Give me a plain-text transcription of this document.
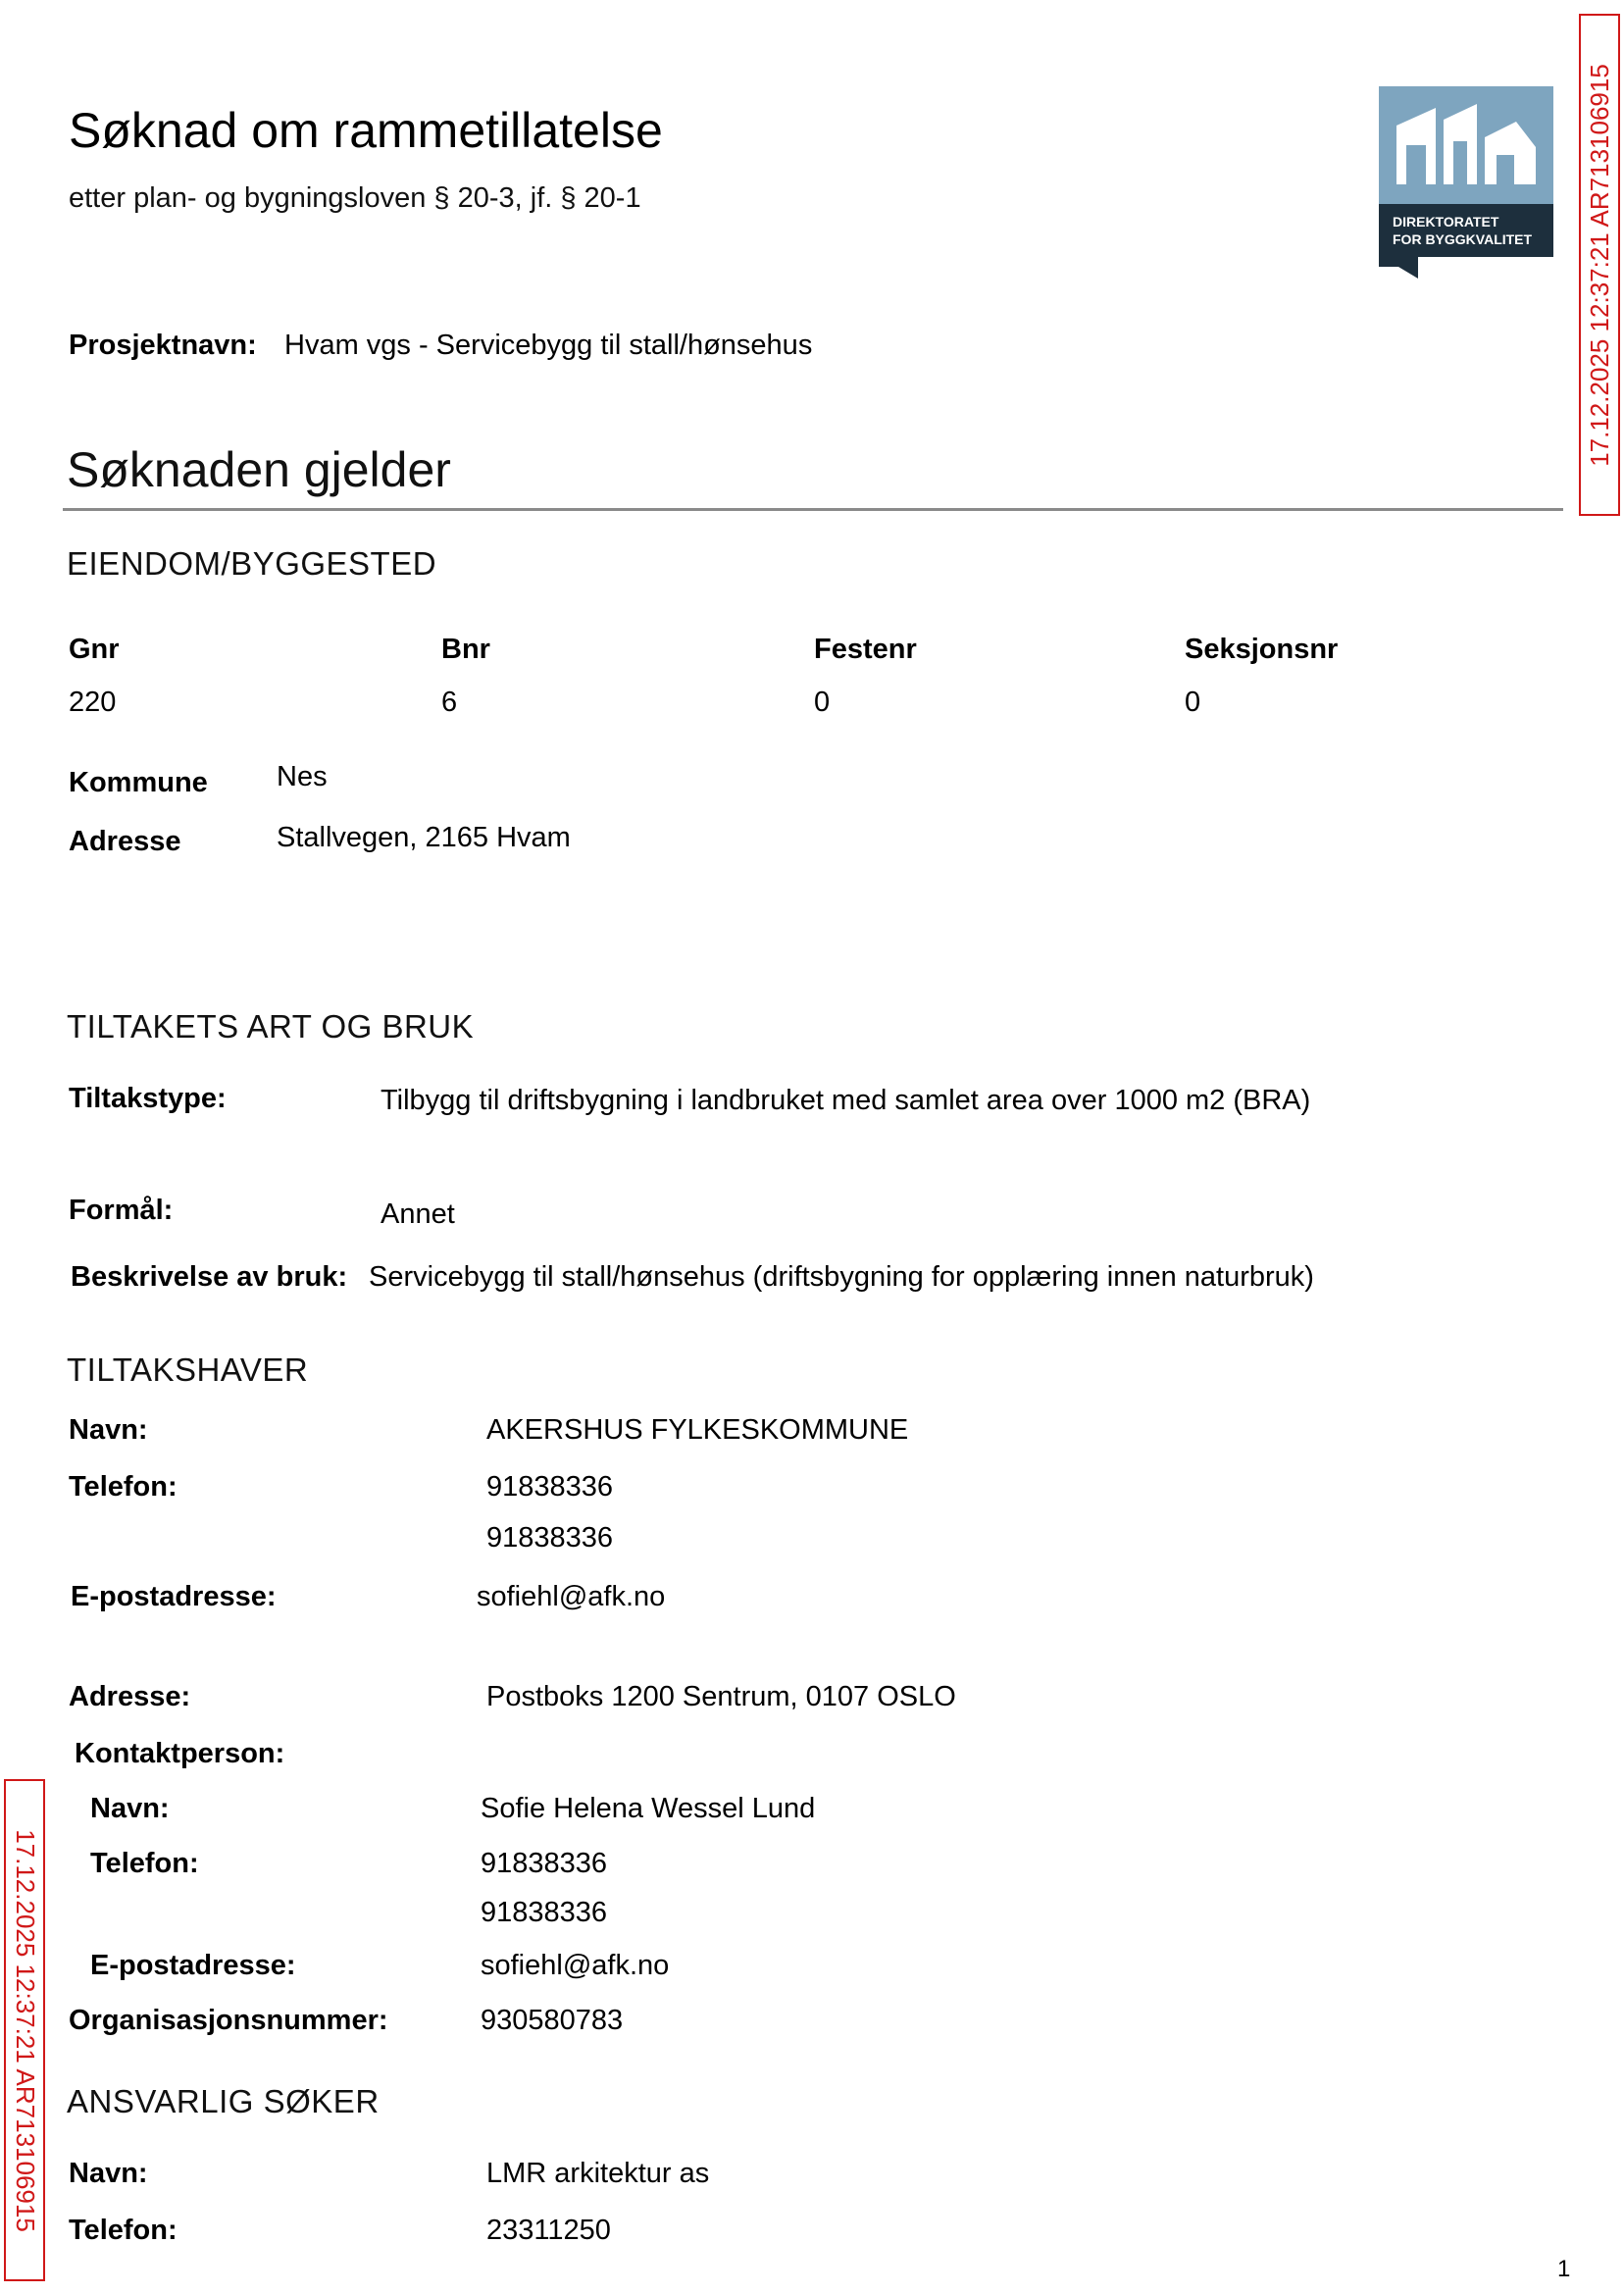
Søknad om rammetillatelse
etter plan- og bygningsloven § 20-3, jf. § 20-1
DIREKTORATET
FOR BYGGKVALITET 17.12.2025 12:37:21 AR713106915
17.12.2025 12:37:21 AR713106915
Prosjektnavn: Hvam vgs - Servicebygg til stall/hønsehus
Søknaden gjelder
EIENDOM/BYGGESTED
Gnr	Bnr	Festenr	Seksjonsnr
220	6	0	0
Kommune Nes
Adresse	Stallvegen, 2165 Hvam
TILTAKETS ART OG BRUK
Tiltakstype:	Tilbygg til driftsbygning i landbruket med samlet area over 1000 m2 (BRA)
Formål:	Annet
Beskrivelse av bruk: Servicebygg til stall/hønsehus (driftsbygning for opplæring innen naturbruk)
TILTAKSHAVER
Navn:	AKERSHUS FYLKESKOMMUNE
Telefon:	91838336
91838336
E-postadresse:	sofiehl@afk.no
Adresse:	Postboks 1200 Sentrum, 0107 OSLO
Kontaktperson:
Navn:	Sofie Helena Wessel Lund
Telefon:	91838336
91838336
E-postadresse:	sofiehl@afk.no
Organisasjonsnummer:	930580783
ANSVARLIG SØKER
Navn:	LMR arkitektur as
Telefon:	23311250
1
